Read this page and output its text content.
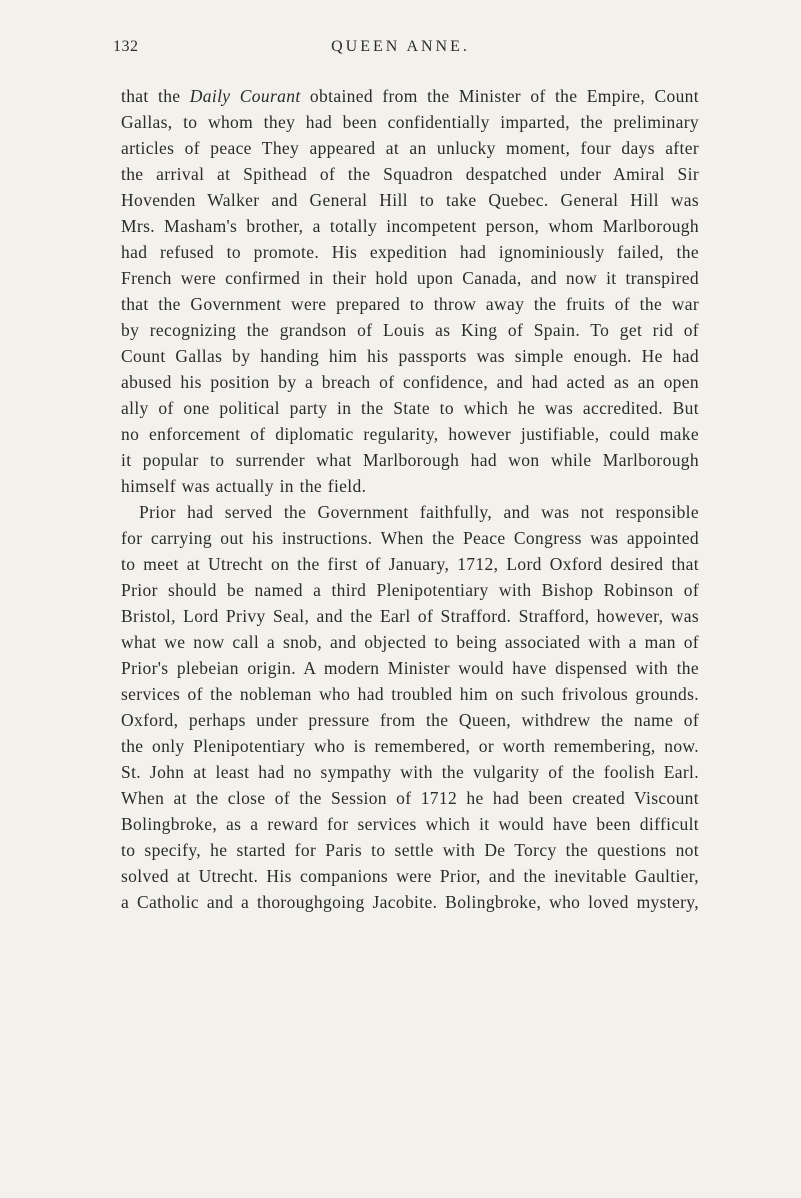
132	QUEEN ANNE.
that the Daily Courant obtained from the Minister of the Empire, Count
Gallas, to whom they had been confidentially imparted, the preliminary
articles of peace They appeared at an unlucky moment, four days after
the arrival at Spithead of the Squadron despatched under Amiral Sir
Hovenden Walker and General Hill to take Quebec. General Hill was
Mrs. Masham's brother, a totally incompetent person, whom Marlborough
had refused to promote. His expedition had ignominiously failed, the
French were confirmed in their hold upon Canada, and now it transpired
that the Government were prepared to throw away the fruits of the war
by recognizing the grandson of Louis as King of Spain. To get rid of
Count Gallas by handing him his passports was simple enough. He had
abused his position by a breach of confidence, and had acted as an open
ally of one political party in the State to which he was accredited. But
no enforcement of diplomatic regularity, however justifiable, could make
it popular to surrender what Marlborough had won while Marlborough
himself was actually in the field.
Prior had served the Government faithfully, and was not responsible
for carrying out his instructions. When the Peace Congress was appointed
to meet at Utrecht on the first of January, 1712, Lord Oxford desired that
Prior should be named a third Plenipotentiary with Bishop Robinson of
Bristol, Lord Privy Seal, and the Earl of Strafford. Strafford, however, was
what we now call a snob, and objected to being associated with a man of
Prior's plebeian origin. A modern Minister would have dispensed with the
services of the nobleman who had troubled him on such frivolous grounds.
Oxford, perhaps under pressure from the Queen, withdrew the name of
the only Plenipotentiary who is remembered, or worth remembering, now.
St. John at least had no sympathy with the vulgarity of the foolish Earl.
When at the close of the Session of 1712 he had been created Viscount
Bolingbroke, as a reward for services which it would have been difficult
to specify, he started for Paris to settle with De Torcy the questions not
solved at Utrecht. His companions were Prior, and the inevitable Gaultier,
a Catholic and a thoroughgoing Jacobite. Bolingbroke, who loved mystery,
